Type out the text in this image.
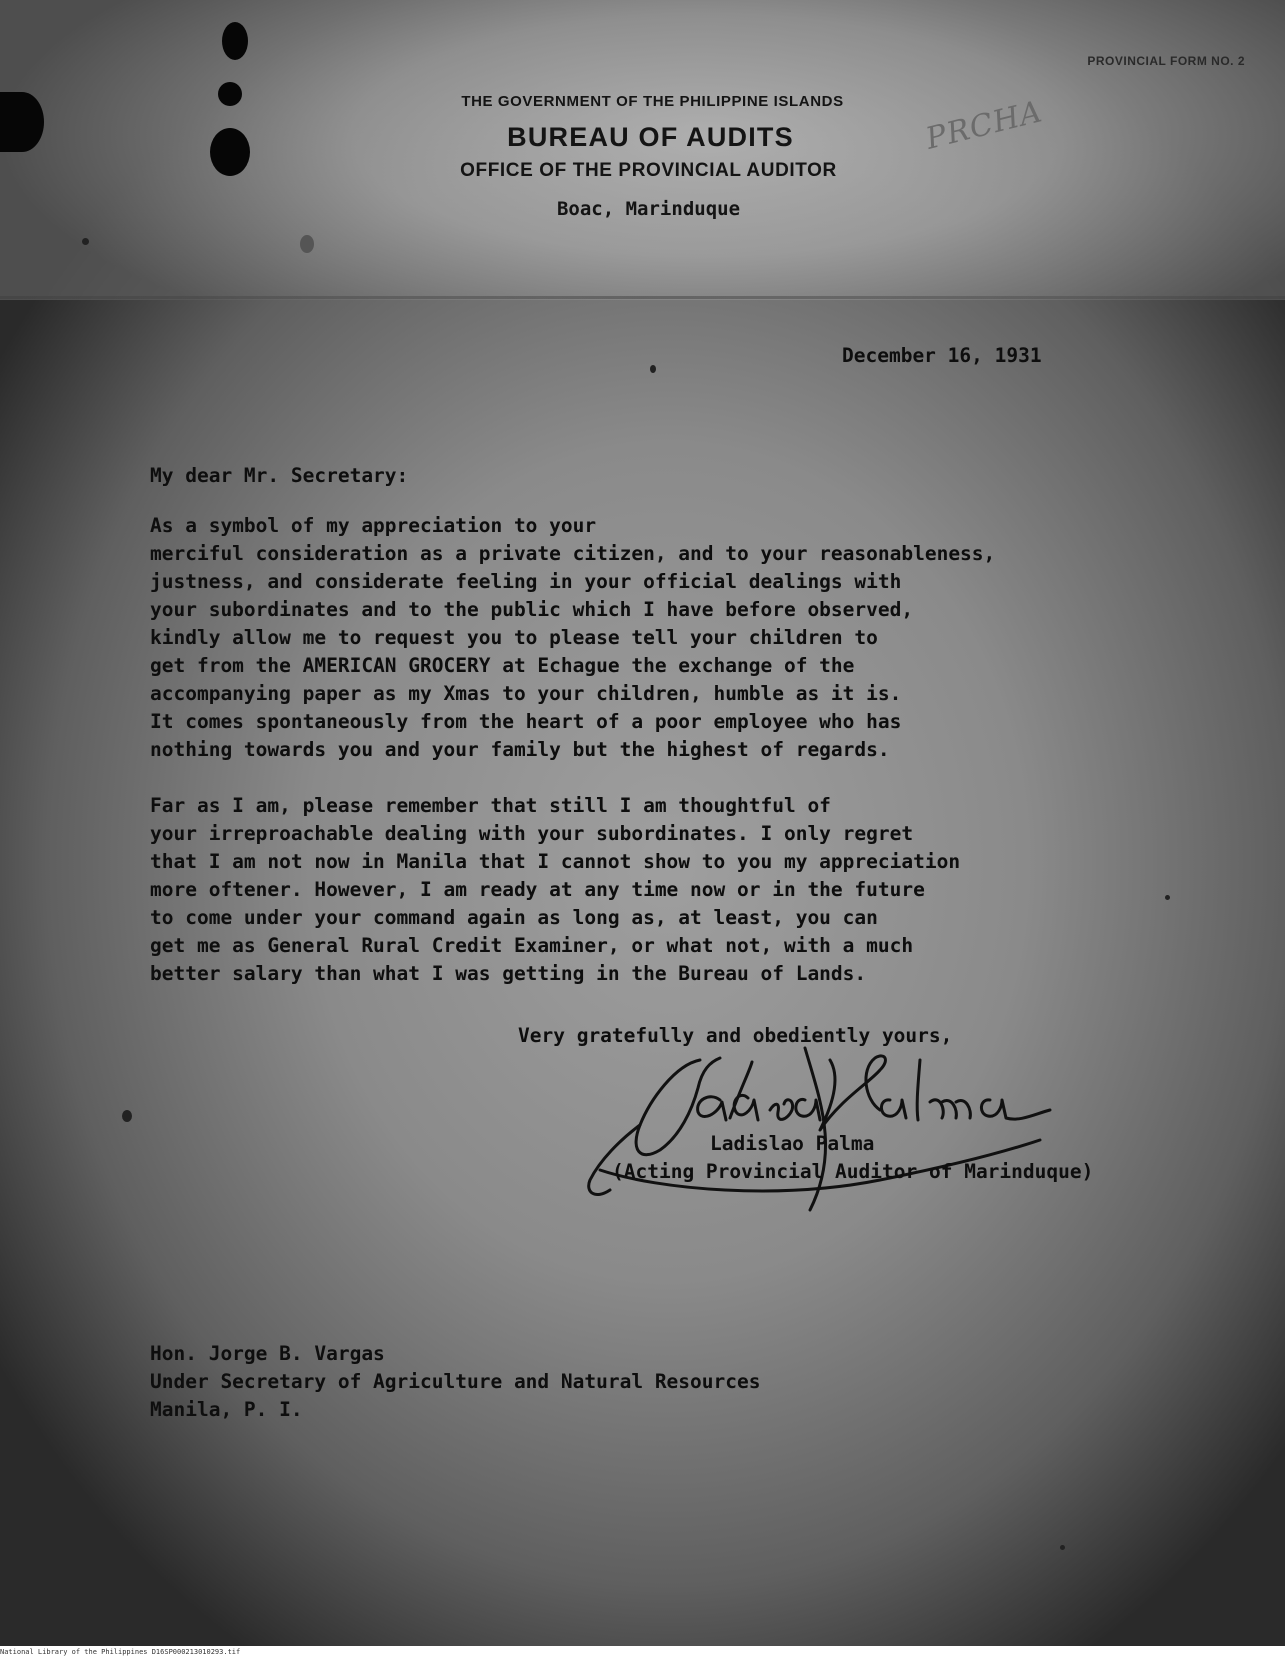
PROVINCIAL FORM NO. 2
PRCHA
THE GOVERNMENT OF THE PHILIPPINE ISLANDS
BUREAU OF AUDITS
OFFICE OF THE PROVINCIAL AUDITOR
Boac, Marinduque
December 16, 1931
My dear Mr. Secretary:
As a symbol of my appreciation to your
merciful consideration as a private citizen, and to your reasonableness,
justness, and considerate feeling in your official dealings with
your subordinates and to the public which I have before observed,
kindly allow me to request you to please tell your children to
get from the AMERICAN GROCERY at Echague the exchange of the
accompanying paper as my Xmas to your children, humble as it is.
It comes spontaneously from the heart of a poor employee who has
nothing towards you and your family but the highest of regards.
Far as I am, please remember that still I am thoughtful of
your irreproachable dealing with your subordinates. I only regret
that I am not now in Manila that I cannot show to you my appreciation
more oftener. However, I am ready at any time now or in the future
to come under your command again as long as, at least, you can
get me as General Rural Credit Examiner, or what not, with a much
better salary than what I was getting in the Bureau of Lands.
Very gratefully and obediently yours,
Ladislao Palma
(Acting Provincial Auditor of Marinduque)
Hon. Jorge B. Vargas
Under Secretary of Agriculture and Natural Resources
Manila, P. I.
National Library of the Philippines D16SP000213010293.tif
